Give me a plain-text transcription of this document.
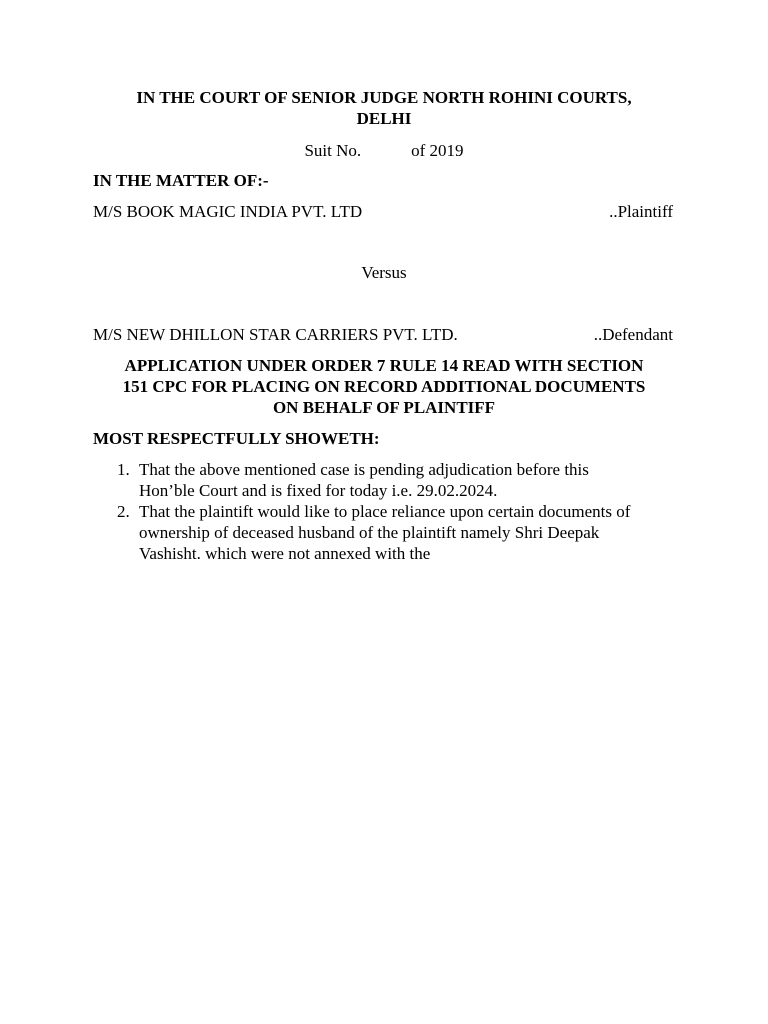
IN THE COURT OF SENIOR JUDGE NORTH ROHINI COURTS,
DELHI
Suit No.	of 2019
IN THE MATTER OF:-
M/S BOOK MAGIC INDIA PVT. LTD	..Plaintiff
Versus
M/S NEW DHILLON STAR CARRIERS PVT. LTD.	..Defendant
APPLICATION UNDER ORDER 7 RULE 14 READ WITH SECTION
151 CPC FOR PLACING ON RECORD ADDITIONAL DOCUMENTS
ON BEHALF OF PLAINTIFF
MOST RESPECTFULLY SHOWETH:
1. That the above mentioned case is pending adjudication before this
Hon’ble Court and is fixed for today i.e. 29.02.2024.
2. That the plaintift would like to place reliance upon certain documents of
ownership of deceased husband of the plaintift namely Shri Deepak
Vashisht. which were not annexed with the
